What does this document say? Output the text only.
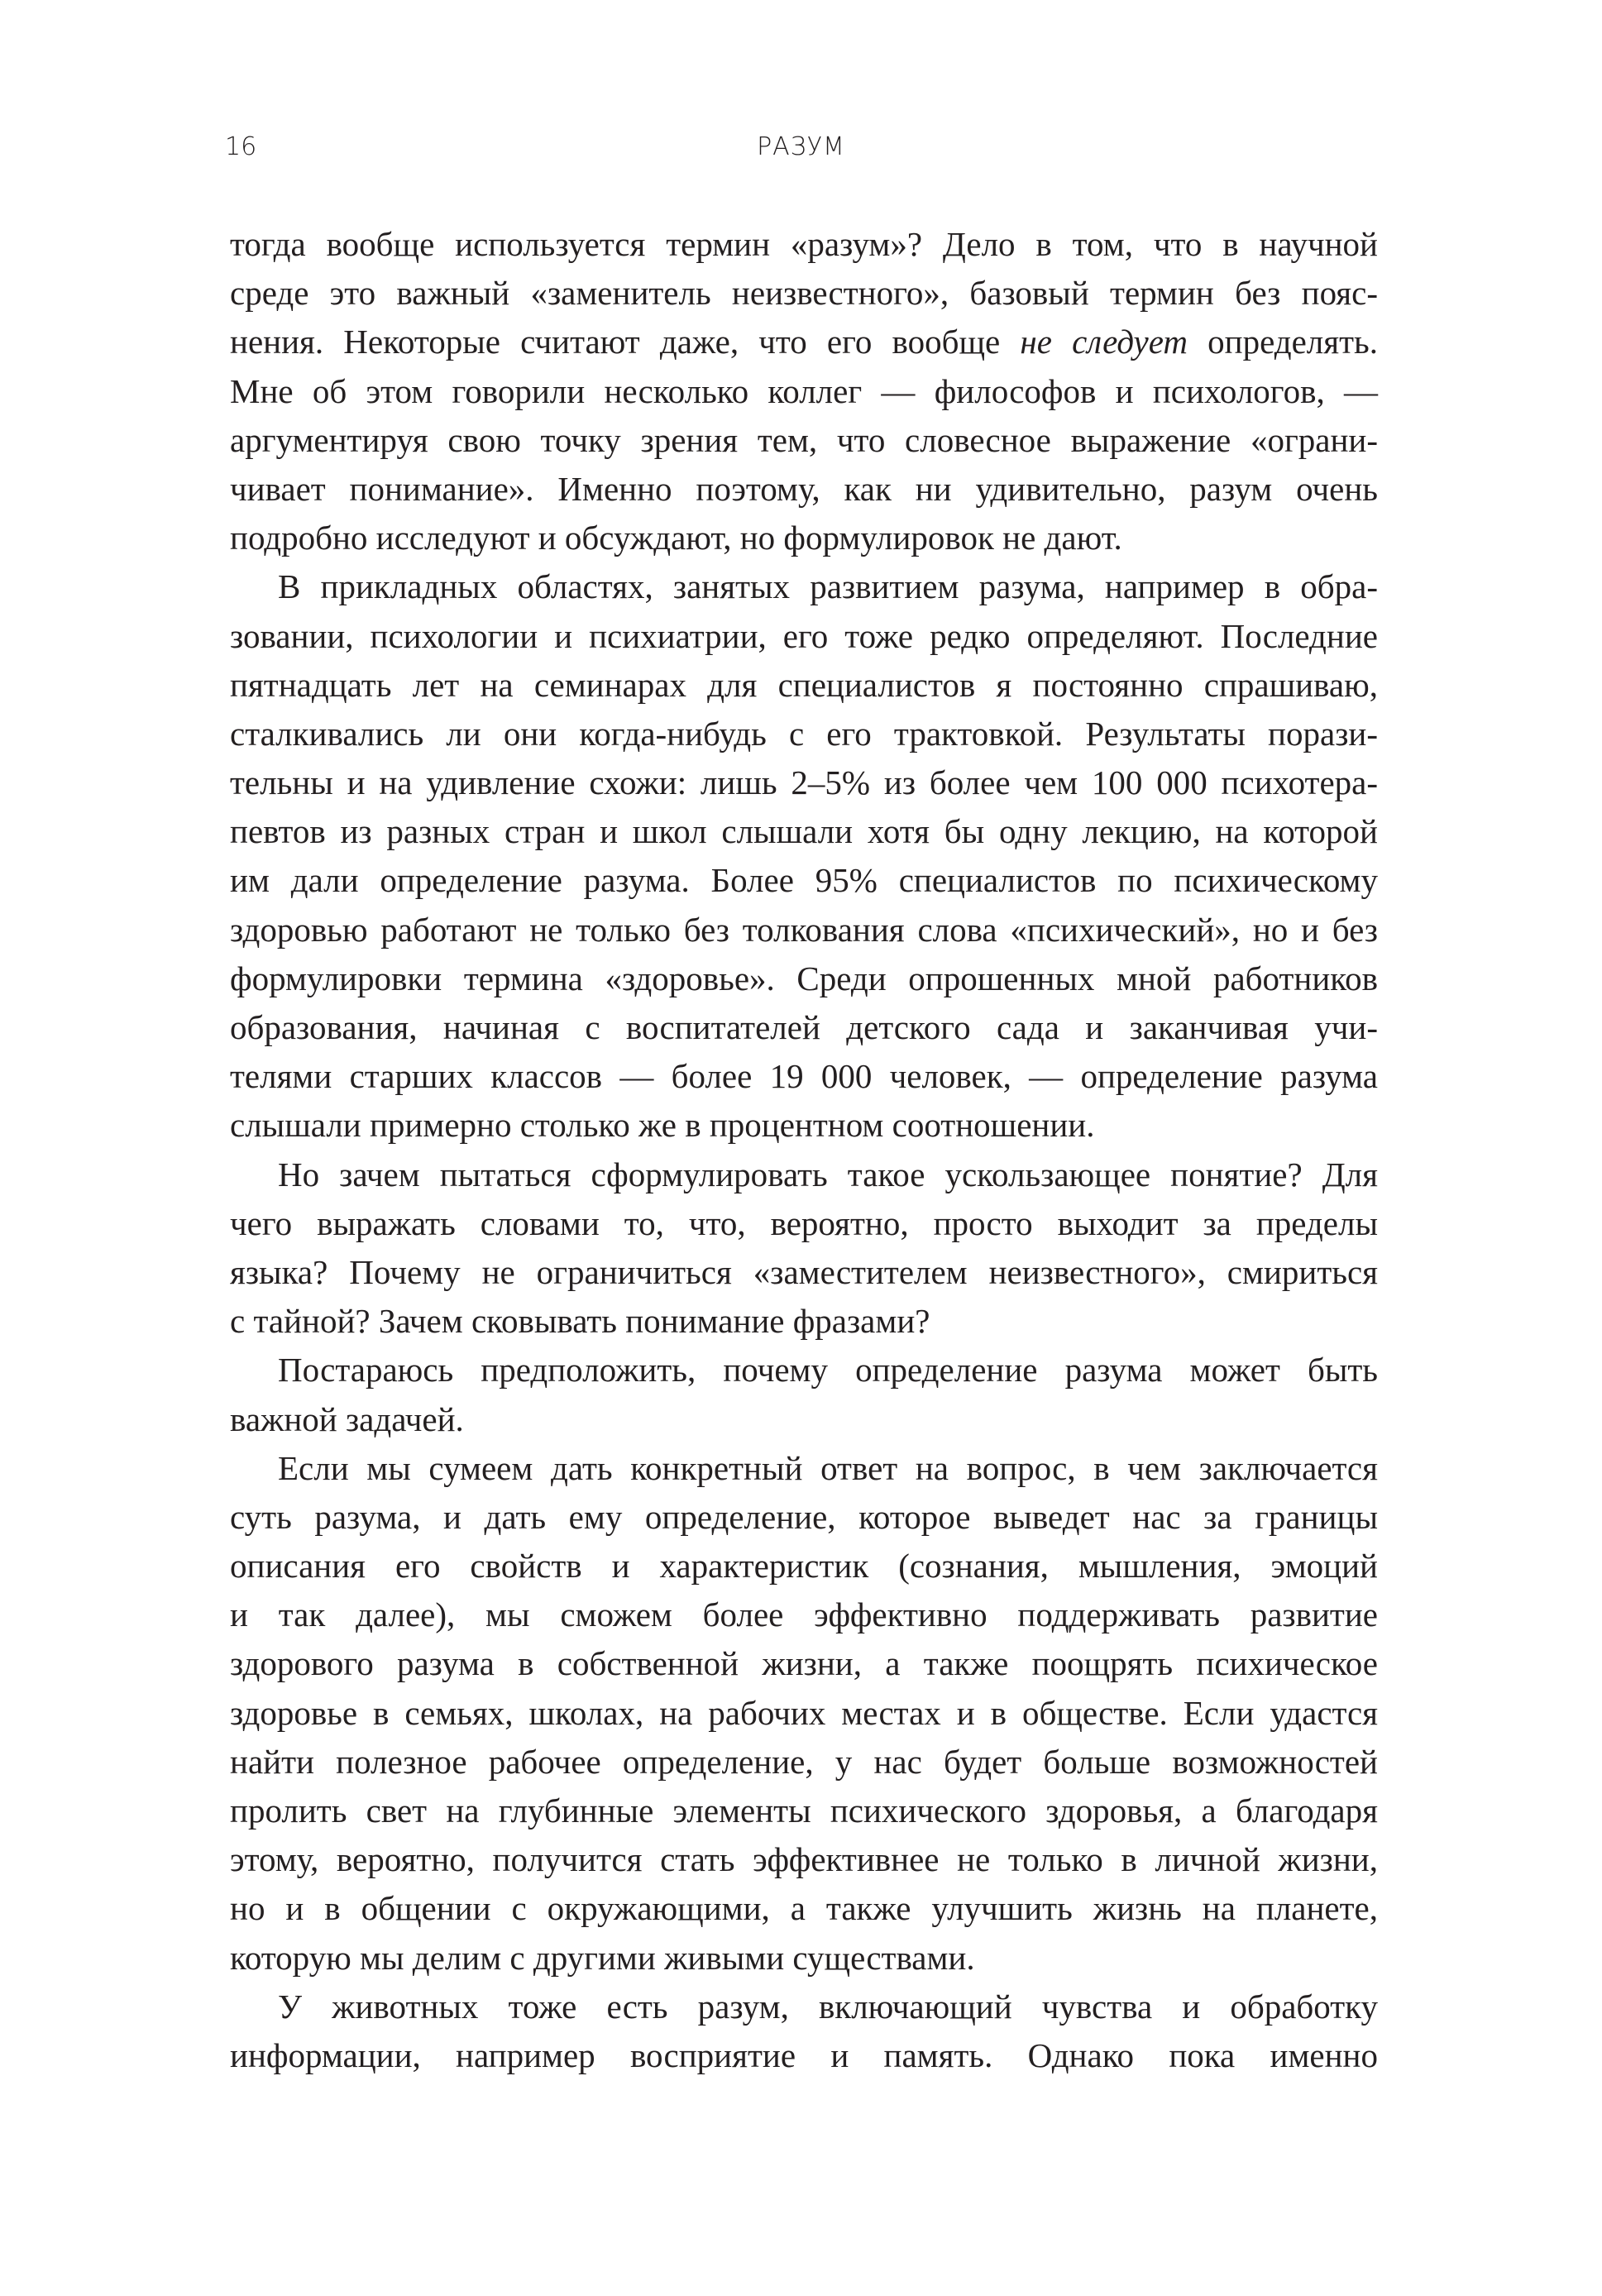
16	РАЗУМ
тогда вообще используется термин «разум»? Дело в том, что в научной
среде это важный «заменитель неизвестного», базовый термин без пояс-
нения. Некоторые считают даже, что его вообще не следует определять.
Мне об этом говорили несколько коллег — философов и психологов, —
аргументируя свою точку зрения тем, что словесное выражение «ограни-
чивает понимание». Именно поэтому, как ни удивительно, разум очень
подробно исследуют и обсуждают, но формулировок не дают.
В прикладных областях, занятых развитием разума, например в обра-
зовании, психологии и психиатрии, его тоже редко определяют. Последние
пятнадцать лет на семинарах для специалистов я постоянно спрашиваю,
сталкивались ли они когда-нибудь с его трактовкой. Результаты порази-
тельны и на удивление схожи: лишь 2–5% из более чем 100 000 психотера-
певтов из разных стран и школ слышали хотя бы одну лекцию, на которой
им дали определение разума. Более 95% специалистов по психическому
здоровью работают не только без толкования слова «психический», но и без
формулировки термина «здоровье». Среди опрошенных мной работников
образования, начиная с воспитателей детского сада и заканчивая учи-
телями старших классов — более 19 000 человек, — определение разума
слышали примерно столько же в процентном соотношении.
Но зачем пытаться сформулировать такое ускользающее понятие? Для
чего выражать словами то, что, вероятно, просто выходит за пределы
языка? Почему не ограничиться «заместителем неизвестного», смириться
с тайной? Зачем сковывать понимание фразами?
Постараюсь предположить, почему определение разума может быть
важной задачей.
Если мы сумеем дать конкретный ответ на вопрос, в чем заключается
суть разума, и дать ему определение, которое выведет нас за границы
описания его свойств и характеристик (сознания, мышления, эмоций
и так далее), мы сможем более эффективно поддерживать развитие
здорового разума в собственной жизни, а также поощрять психическое
здоровье в семьях, школах, на рабочих местах и в обществе. Если удастся
найти полезное рабочее определение, у нас будет больше возможностей
пролить свет на глубинные элементы психического здоровья, а благодаря
этому, вероятно, получится стать эффективнее не только в личной жизни,
но и в общении с окружающими, а также улучшить жизнь на планете,
которую мы делим с другими живыми существами.
У животных тоже есть разум, включающий чувства и обработку
информации, например восприятие и память. Однако пока именно
